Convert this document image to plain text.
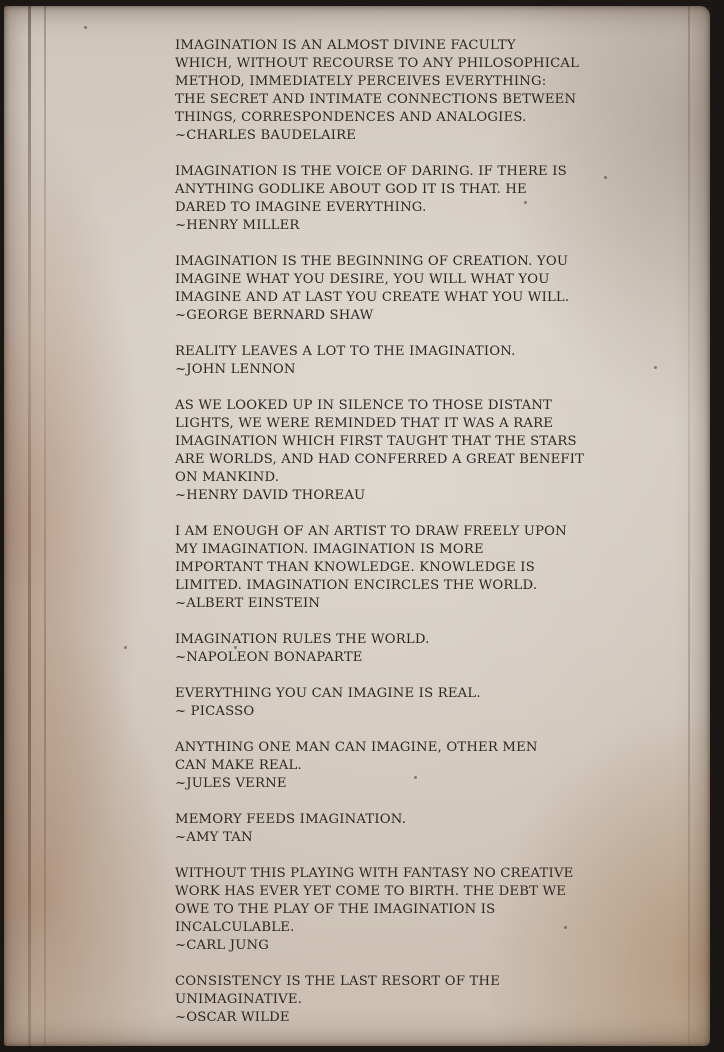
IMAGINATION IS AN ALMOST DIVINE FACULTY
WHICH, WITHOUT RECOURSE TO ANY PHILOSOPHICAL
METHOD, IMMEDIATELY PERCEIVES EVERYTHING:
THE SECRET AND INTIMATE CONNECTIONS BETWEEN
THINGS, CORRESPONDENCES AND ANALOGIES.
~CHARLES BAUDELAIRE
IMAGINATION IS THE VOICE OF DARING. IF THERE IS
ANYTHING GODLIKE ABOUT GOD IT IS THAT. HE
DARED TO IMAGINE EVERYTHING.
~HENRY MILLER
IMAGINATION IS THE BEGINNING OF CREATION. YOU
IMAGINE WHAT YOU DESIRE, YOU WILL WHAT YOU
IMAGINE AND AT LAST YOU CREATE WHAT YOU WILL.
~GEORGE BERNARD SHAW
REALITY LEAVES A LOT TO THE IMAGINATION.
~JOHN LENNON
AS WE LOOKED UP IN SILENCE TO THOSE DISTANT
LIGHTS, WE WERE REMINDED THAT IT WAS A RARE
IMAGINATION WHICH FIRST TAUGHT THAT THE STARS
ARE WORLDS, AND HAD CONFERRED A GREAT BENEFIT
ON MANKIND.
~HENRY DAVID THOREAU
I AM ENOUGH OF AN ARTIST TO DRAW FREELY UPON
MY IMAGINATION. IMAGINATION IS MORE
IMPORTANT THAN KNOWLEDGE. KNOWLEDGE IS
LIMITED. IMAGINATION ENCIRCLES THE WORLD.
~ALBERT EINSTEIN
IMAGINATION RULES THE WORLD.
~NAPOLEON BONAPARTE
EVERYTHING YOU CAN IMAGINE IS REAL.
~ PICASSO
ANYTHING ONE MAN CAN IMAGINE, OTHER MEN
CAN MAKE REAL.
~JULES VERNE
MEMORY FEEDS IMAGINATION.
~AMY TAN
WITHOUT THIS PLAYING WITH FANTASY NO CREATIVE
WORK HAS EVER YET COME TO BIRTH. THE DEBT WE
OWE TO THE PLAY OF THE IMAGINATION IS
INCALCULABLE.
~CARL JUNG
CONSISTENCY IS THE LAST RESORT OF THE
UNIMAGINATIVE.
~OSCAR WILDE
